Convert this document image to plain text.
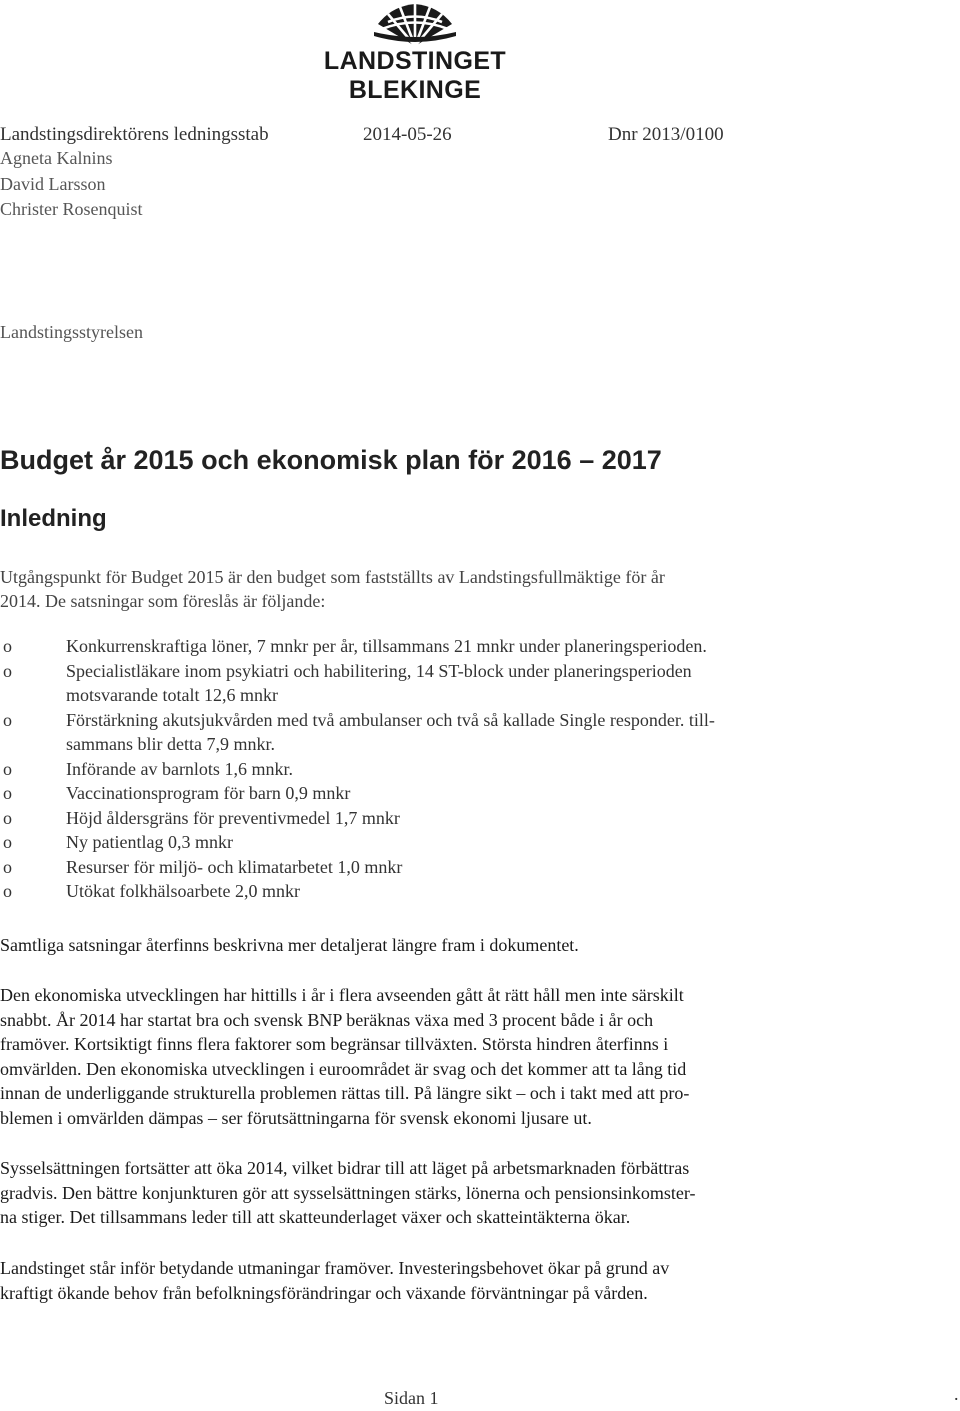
LANDSTINGET BLEKINGE
Landstingsdirektörens ledningsstab	2014-05-26	Dnr 2013/0100
Agneta Kalnins
David Larsson
Christer Rosenquist
Landstingsstyrelsen
Budget år 2015 och ekonomisk plan för 2016 – 2017
Inledning
Utgångspunkt för Budget 2015 är den budget som fastställts av Landstingsfullmäktige för år
2014. De satsningar som föreslås är följande:
o	Konkurrenskraftiga löner, 7 mnkr per år, tillsammans 21 mnkr under planeringsperioden.
o	Specialistläkare inom psykiatri och habilitering, 14 ST-block under planeringsperioden
motsvarande totalt 12,6 mnkr
o	Förstärkning akutsjukvården med två ambulanser och två så kallade Single responder. till-
sammans blir detta 7,9 mnkr.
o	Införande av barnlots 1,6 mnkr.
o	Vaccinationsprogram för barn 0,9 mnkr
o	Höjd åldersgräns för preventivmedel 1,7 mnkr
o	Ny patientlag 0,3 mnkr
o	Resurser för miljö- och klimatarbetet 1,0 mnkr
o	Utökat folkhälsoarbete 2,0 mnkr
Samtliga satsningar återfinns beskrivna mer detaljerat längre fram i dokumentet.
Den ekonomiska utvecklingen har hittills i år i flera avseenden gått åt rätt håll men inte särskilt
snabbt. År 2014 har startat bra och svensk BNP beräknas växa med 3 procent både i år och
framöver. Kortsiktigt finns flera faktorer som begränsar tillväxten. Största hindren återfinns i
omvärlden. Den ekonomiska utvecklingen i euroområdet är svag och det kommer att ta lång tid
innan de underliggande strukturella problemen rättas till. På längre sikt – och i takt med att pro-
blemen i omvärlden dämpas – ser förutsättningarna för svensk ekonomi ljusare ut.
Sysselsättningen fortsätter att öka 2014, vilket bidrar till att läget på arbetsmarknaden förbättras
gradvis. Den bättre konjunkturen gör att sysselsättningen stärks, lönerna och pensionsinkomster-
na stiger. Det tillsammans leder till att skatteunderlaget växer och skatteintäkterna ökar.
Landstinget står inför betydande utmaningar framöver. Investeringsbehovet ökar på grund av
kraftigt ökande behov från befolkningsförändringar och växande förväntningar på vården.
Sidan 1	.
